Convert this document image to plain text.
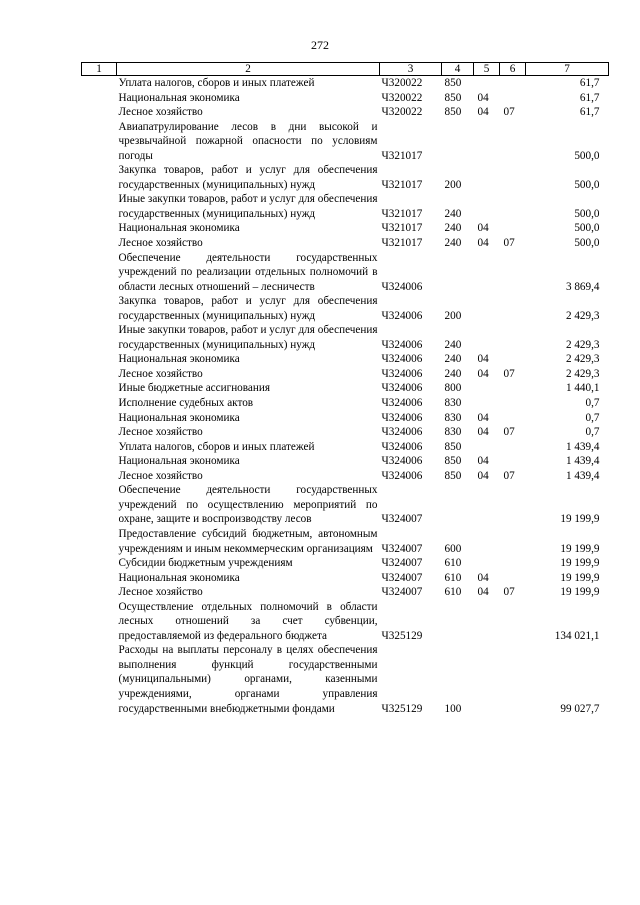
272
1	2	3	4	5	6	7
	Уплата налогов, сборов и иных платежей	Ч320022	850			61,7
	Национальная экономика	Ч320022	850	04		61,7
	Лесное хозяйство	Ч320022	850	04	07	61,7
	Авиапатрулирование лесов в дни высокой и чрезвычайной пожарной опасности по условиям погоды	Ч321017				500,0
	Закупка товаров, работ и услуг для обеспечения государственных (муниципальных) нужд	Ч321017	200			500,0
	Иные закупки товаров, работ и услуг для обеспечения государственных (муниципальных) нужд	Ч321017	240			500,0
	Национальная экономика	Ч321017	240	04		500,0
	Лесное хозяйство	Ч321017	240	04	07	500,0
	Обеспечение деятельности государственных учреждений по реализации отдельных полномочий в области лесных отношений – лесничеств	Ч324006				3 869,4
	Закупка товаров, работ и услуг для обеспечения государственных (муниципальных) нужд	Ч324006	200			2 429,3
	Иные закупки товаров, работ и услуг для обеспечения государственных (муниципальных) нужд	Ч324006	240			2 429,3
	Национальная экономика	Ч324006	240	04		2 429,3
	Лесное хозяйство	Ч324006	240	04	07	2 429,3
	Иные бюджетные ассигнования	Ч324006	800			1 440,1
	Исполнение судебных актов	Ч324006	830			0,7
	Национальная экономика	Ч324006	830	04		0,7
	Лесное хозяйство	Ч324006	830	04	07	0,7
	Уплата налогов, сборов и иных платежей	Ч324006	850			1 439,4
	Национальная экономика	Ч324006	850	04		1 439,4
	Лесное хозяйство	Ч324006	850	04	07	1 439,4
	Обеспечение деятельности государственных учреждений по осуществлению мероприятий по охране, защите и воспроизводству лесов	Ч324007				19 199,9
	Предоставление субсидий бюджетным, автономным учреждениям и иным некоммерческим организациям	Ч324007	600			19 199,9
	Субсидии бюджетным учреждениям	Ч324007	610			19 199,9
	Национальная экономика	Ч324007	610	04		19 199,9
	Лесное хозяйство	Ч324007	610	04	07	19 199,9
	Осуществление отдельных полномочий в области лесных отношений за счет субвенции, предоставляемой из федерального бюджета	Ч325129				134 021,1
	Расходы на выплаты персоналу в целях обеспечения выполнения функций государственными (муниципальными) органами, казенными учреждениями, органами управления государственными внебюджетными фондами	Ч325129	100			99 027,7
